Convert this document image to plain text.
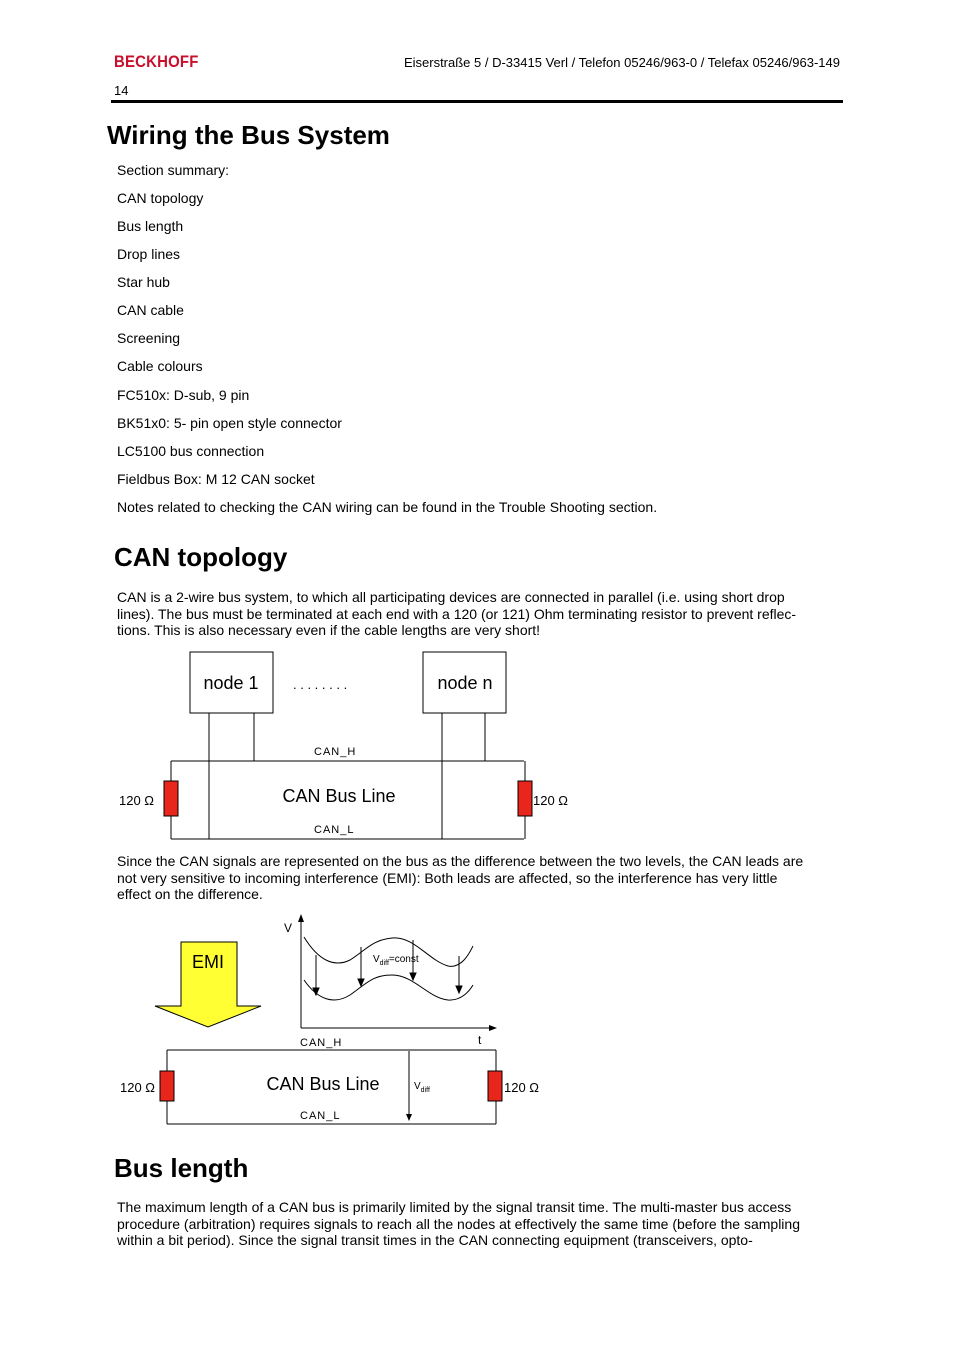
BECKHOFF	Eiserstraße 5 / D-33415 Verl / Telefon 05246/963-0 / Telefax 05246/963-149
14
Wiring the Bus System
Section summary:
CAN topology
Bus length
Drop lines
Star hub
CAN cable
Screening
Cable colours
FC510x: D-sub, 9 pin
BK51x0: 5- pin open style connector
LC5100 bus connection
Fieldbus Box: M 12 CAN socket
Notes related to checking the CAN wiring can be found in the Trouble Shooting section.
CAN topology
CAN is a 2-wire bus system, to which all participating devices are connected in parallel (i.e. using short drop
lines). The bus must be terminated at each end with a 120 (or 121) Ohm terminating resistor to prevent reflec-
tions. This is also necessary even if the cable lengths are very short!
node 1	node n
. . . . . . . .
CAN_H
CAN_L
CAN Bus Line
120 Ω	120 Ω
Since the CAN signals are represented on the bus as the difference between the two levels, the CAN leads are
not very sensitive to incoming interference (EMI): Both leads are affected, so the interference has very little
effect on the difference.
EMI
V
t
$V_{diff}=const$
CAN_H
CAN_L
CAN Bus Line	$V_{diff}$
120 Ω	120 Ω
Bus length
The maximum length of a CAN bus is primarily limited by the signal transit time. The multi-master bus access
procedure (arbitration) requires signals to reach all the nodes at effectively the same time (before the sampling
within a bit period). Since the signal transit times in the CAN connecting equipment (transceivers, opto-
